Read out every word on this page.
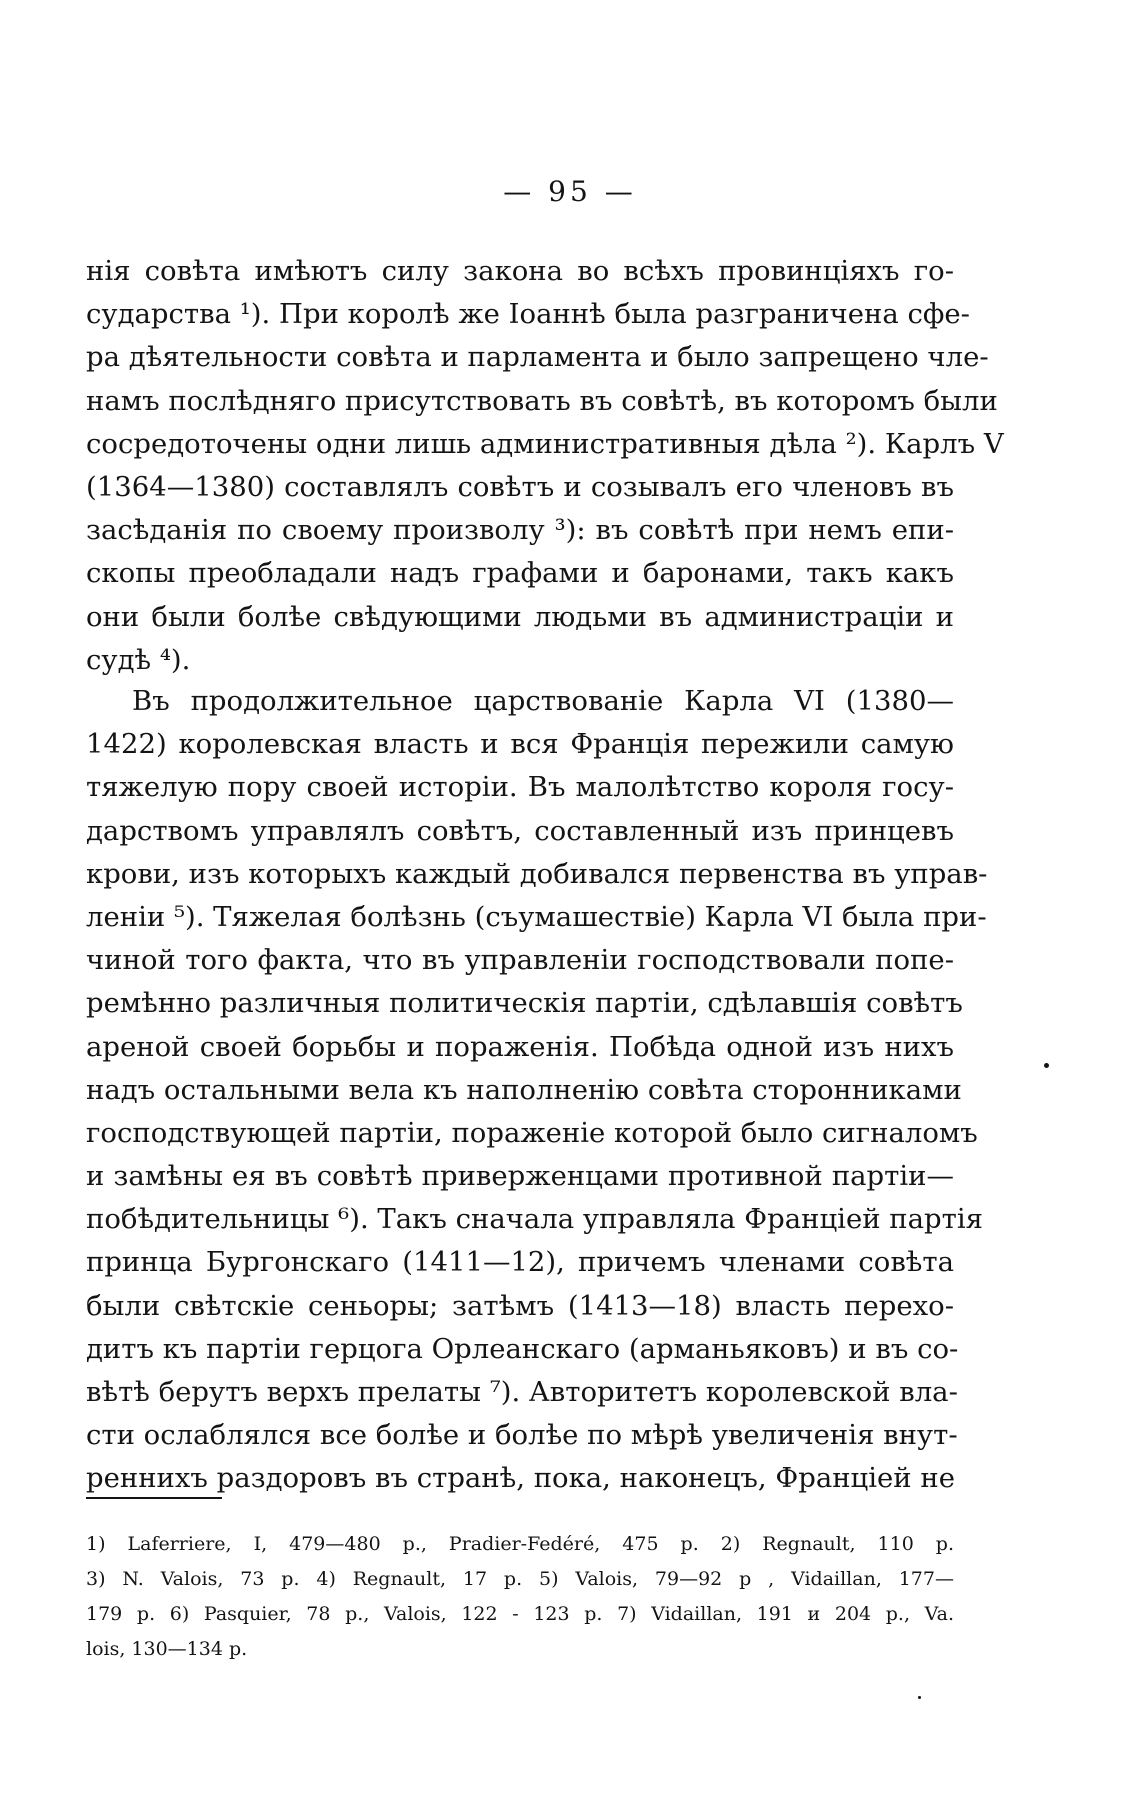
— 95 —
нія совѣта имѣютъ силу закона во всѣхъ провинціяхъ го-
сударства ¹). При королѣ же Іоаннѣ была разграничена сфе-
ра дѣятельности совѣта и парламента и было запрещено чле-
намъ послѣдняго присутствовать въ совѣтѣ, въ которомъ были
сосредоточены одни лишь административныя дѣла ²). Карлъ V
(1364—1380) составлялъ совѣтъ и созывалъ его членовъ въ
засѣданія по своему произволу ³): въ совѣтѣ при немъ епи-
скопы преобладали надъ графами и баронами, такъ какъ
они были болѣе свѣдующими людьми въ администраціи и
судѣ ⁴).
Въ продолжительное царствованіе Карла VI (1380—
1422) королевская власть и вся Франція пережили самую
тяжелую пору своей исторіи. Въ малолѣтство короля госу-
дарствомъ управлялъ совѣтъ, составленный изъ принцевъ
крови, изъ которыхъ каждый добивался первенства въ управ-
леніи ⁵). Тяжелая болѣзнь (съумашествіе) Карла VI была при-
чиной того факта, что въ управленіи господствовали попе-
ремѣнно различныя политическія партіи, сдѣлавшія совѣтъ
ареной своей борьбы и пораженія. Побѣда одной изъ нихъ
надъ остальными вела къ наполненію совѣта сторонниками
господствующей партіи, пораженіе которой было сигналомъ
и замѣны ея въ совѣтѣ приверженцами противной партіи—
побѣдительницы ⁶). Такъ сначала управляла Франціей партія
принца Бургонскаго (1411—12), причемъ членами совѣта
были свѣтскіе сеньоры; затѣмъ (1413—18) власть перехо-
дитъ къ партіи герцога Орлеанскаго (арманьяковъ) и въ со-
вѣтѣ берутъ верхъ прелаты ⁷). Авторитетъ королевской вла-
сти ослаблялся все болѣе и болѣе по мѣрѣ увеличенія внут-
реннихъ раздоровъ въ странѣ, пока, наконецъ, Франціей не
1) Laferriere, I, 479—480 p., Pradier-Fedéré, 475 p. 2) Regnault, 110 p.
3) N. Valois, 73 p. 4) Regnault, 17 p. 5) Valois, 79—92 p , Vidaillan, 177—
179 p. 6) Pasquier, 78 p., Valois, 122 - 123 p. 7) Vidaillan, 191 и 204 p., Va.
lois, 130—134 p.
